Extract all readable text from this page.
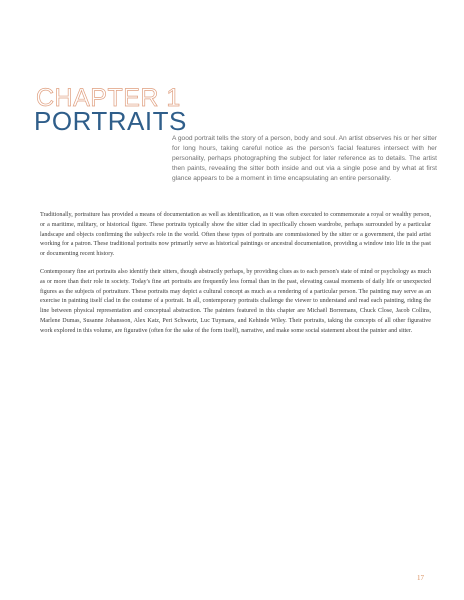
CHAPTER 1
PORTRAITS

A good portrait tells the story of a person, body and soul. An artist observes his or her sitter for long hours, taking careful notice as the person's facial features intersect with her personality, perhaps photographing the subject for later reference as to details. The artist then paints, revealing the sitter both inside and out via a single pose and by what at first glance appears to be a moment in time encapsulating an entire personality.

Traditionally, portraiture has provided a means of documentation as well as identification, as it was often executed to commemorate a royal or wealthy person, or a maritime, military, or historical figure. These portraits typically show the sitter clad in specifically chosen wardrobe, perhaps surrounded by a particular landscape and objects confirming the subject's role in the world. Often these types of portraits are commissioned by the sitter or a government, the paid artist working for a patron. These traditional portraits now primarily serve as historical paintings or ancestral documentation, providing a window into life in the past or documenting recent history.

Contemporary fine art portraits also identify their sitters, though abstractly perhaps, by providing clues as to each person's state of mind or psychology as much as or more than their role in society. Today's fine art portraits are frequently less formal than in the past, elevating casual moments of daily life or unexpected figures as the subjects of portraiture. These portraits may depict a cultural concept as much as a rendering of a particular person. The painting may serve as an exercise in painting itself clad in the costume of a portrait. In all, contemporary portraits challenge the viewer to understand and read each painting, riding the line between physical representation and conceptual abstraction. The painters featured in this chapter are Michaël Borremans, Chuck Close, Jacob Collins, Marlene Dumas, Susanne Johansson, Alex Katz, Peri Schwartz, Luc Tuymans, and Kehinde Wiley. Their portraits, taking the concepts of all other figurative work explored in this volume, are figurative (often for the sake of the form itself), narrative, and make some social statement about the painter and sitter.

17
